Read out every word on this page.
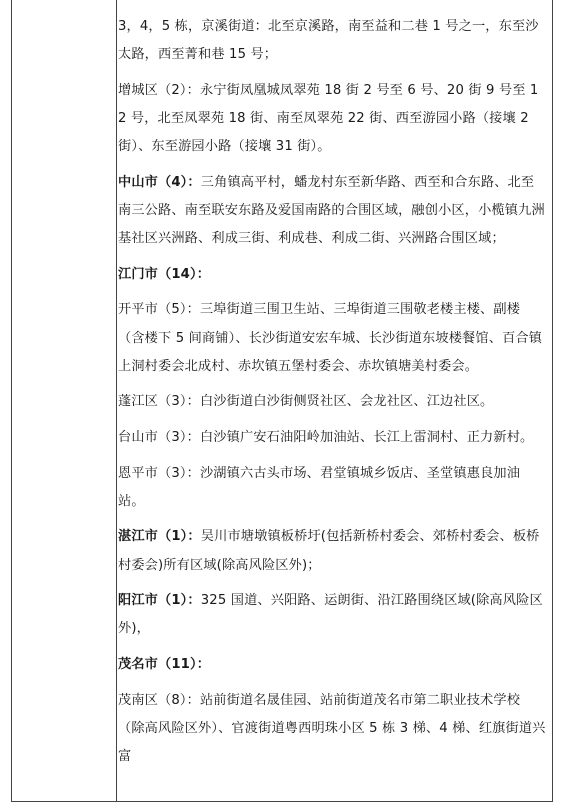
3，4，5 栋，京溪街道：北至京溪路，南至益和二巷 1 号之一，东至沙太路，西至菁和巷 15 号；

增城区（2）：永宁街凤凰城凤翠苑 18 街 2 号至 6 号、20 街 9 号至 12 号，北至凤翠苑 18 街、南至凤翠苑 22 街、西至游园小路（接壤 2 街）、东至游园小路（接壤 31 街）。

中山市（4）：三角镇高平村，蟠龙村东至新华路、西至和合东路、北至南三公路、南至联安东路及爱国南路的合围区域，融创小区，小榄镇九洲基社区兴洲路、利成三街、利成巷、利成二街、兴洲路合围区域；

江门市（14）：

开平市（5）：三埠街道三围卫生站、三埠街道三围敬老楼主楼、副楼（含楼下 5 间商铺）、长沙街道安宏车城、长沙街道东坡楼餐馆、百合镇上洞村委会北成村、赤坎镇五堡村委会、赤坎镇塘美村委会。

蓬江区（3）：白沙街道白沙街侧贤社区、会龙社区、江边社区。

台山市（3）：白沙镇广安石油阳岭加油站、长江上雷洞村、正力新村。

恩平市（3）：沙湖镇六古头市场、君堂镇城乡饭店、圣堂镇惠良加油站。

湛江市（1）：吴川市塘墩镇板桥圩(包括新桥村委会、郊桥村委会、板桥村委会)所有区域(除高风险区外)；

阳江市（1）：325 国道、兴阳路、运朗街、沿江路围绕区域(除高风险区外)，

茂名市（11）：

茂南区（8）：站前街道名晟佳园、站前街道茂名市第二职业技术学校（除高风险区外）、官渡街道粤西明珠小区 5 栋 3 梯、4 梯、红旗街道兴富
